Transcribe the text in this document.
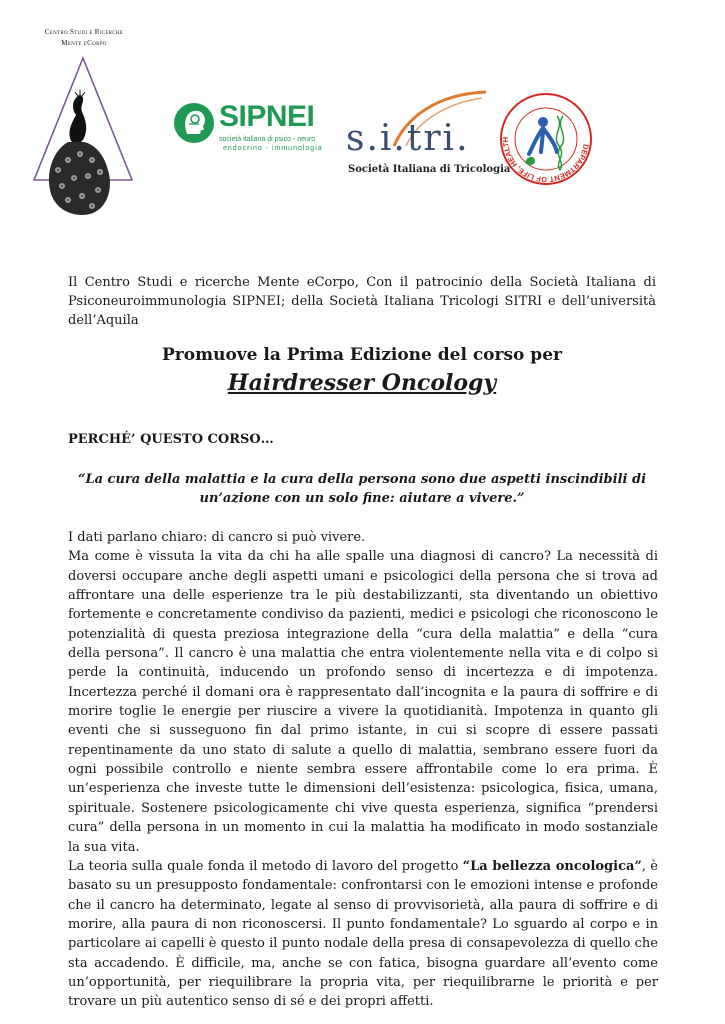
Centro Studi e Ricerche
Mente eCorpo
SIPNEI
società italiana di psico - neuro
endocrino - immunologia s.i.tri.
Società Italiana di Tricologia
DEPARTMENT OF LIFE, HEALTH
Il Centro Studi e ricerche Mente eCorpo, Con il patrocinio della Società Italiana di Psiconeuroimmunologia SIPNEI; della Società Italiana Tricologi SITRI e dell’università dell’Aquila
Promuove la Prima Edizione del corso per
Hairdresser Oncology
PERCHÉ’ QUESTO CORSO…
“La cura della malattia e la cura della persona sono due aspetti inscindibili di un’azione con un solo fine: aiutare a vivere.”

I dati parlano chiaro: di cancro si può vivere.

Ma come è vissuta la vita da chi ha alle spalle una diagnosi di cancro? La necessità di doversi occupare anche degli aspetti umani e psicologici della persona che si trova ad affrontare una delle esperienze tra le più destabilizzanti, sta diventando un obiettivo fortemente e concretamente condiviso da pazienti, medici e psicologi che riconoscono le potenzialità di questa preziosa integrazione della “cura della malattia” e della “cura della persona”. Il cancro è una malattia che entra violentemente nella vita e di colpo si perde la continuità, inducendo un profondo senso di incertezza e di impotenza. Incertezza perché il domani ora è rappresentato dall’incognita e la paura di soffrire e di morire toglie le energie per riuscire a vivere la quotidianità. Impotenza in quanto gli eventi che si susseguono fin dal primo istante, in cui si scopre di essere passati repentinamente da uno stato di salute a quello di malattia, sembrano essere fuori da ogni possibile controllo e niente sembra essere affrontabile come lo era prima. È un’esperienza che investe tutte le dimensioni dell’esistenza: psicologica, fisica, umana, spirituale. Sostenere psicologicamente chi vive questa esperienza, significa “prendersi cura” della persona in un momento in cui la malattia ha modificato in modo sostanziale la sua vita.

La teoria sulla quale fonda il metodo di lavoro del progetto “La bellezza oncologica”, è basato su un presupposto fondamentale: confrontarsi con le emozioni intense e profonde che il cancro ha determinato, legate al senso di provvisorietà, alla paura di soffrire e di morire, alla paura di non riconoscersi. Il punto fondamentale? Lo sguardo al corpo e in particolare ai capelli è questo il punto nodale della presa di consapevolezza di quello che sta accadendo. È difficile, ma, anche se con fatica, bisogna guardare all’evento come un’opportunità, per riequilibrare la propria vita, per riequilibrarne le priorità e per trovare un più autentico senso di sé e dei propri affetti.
